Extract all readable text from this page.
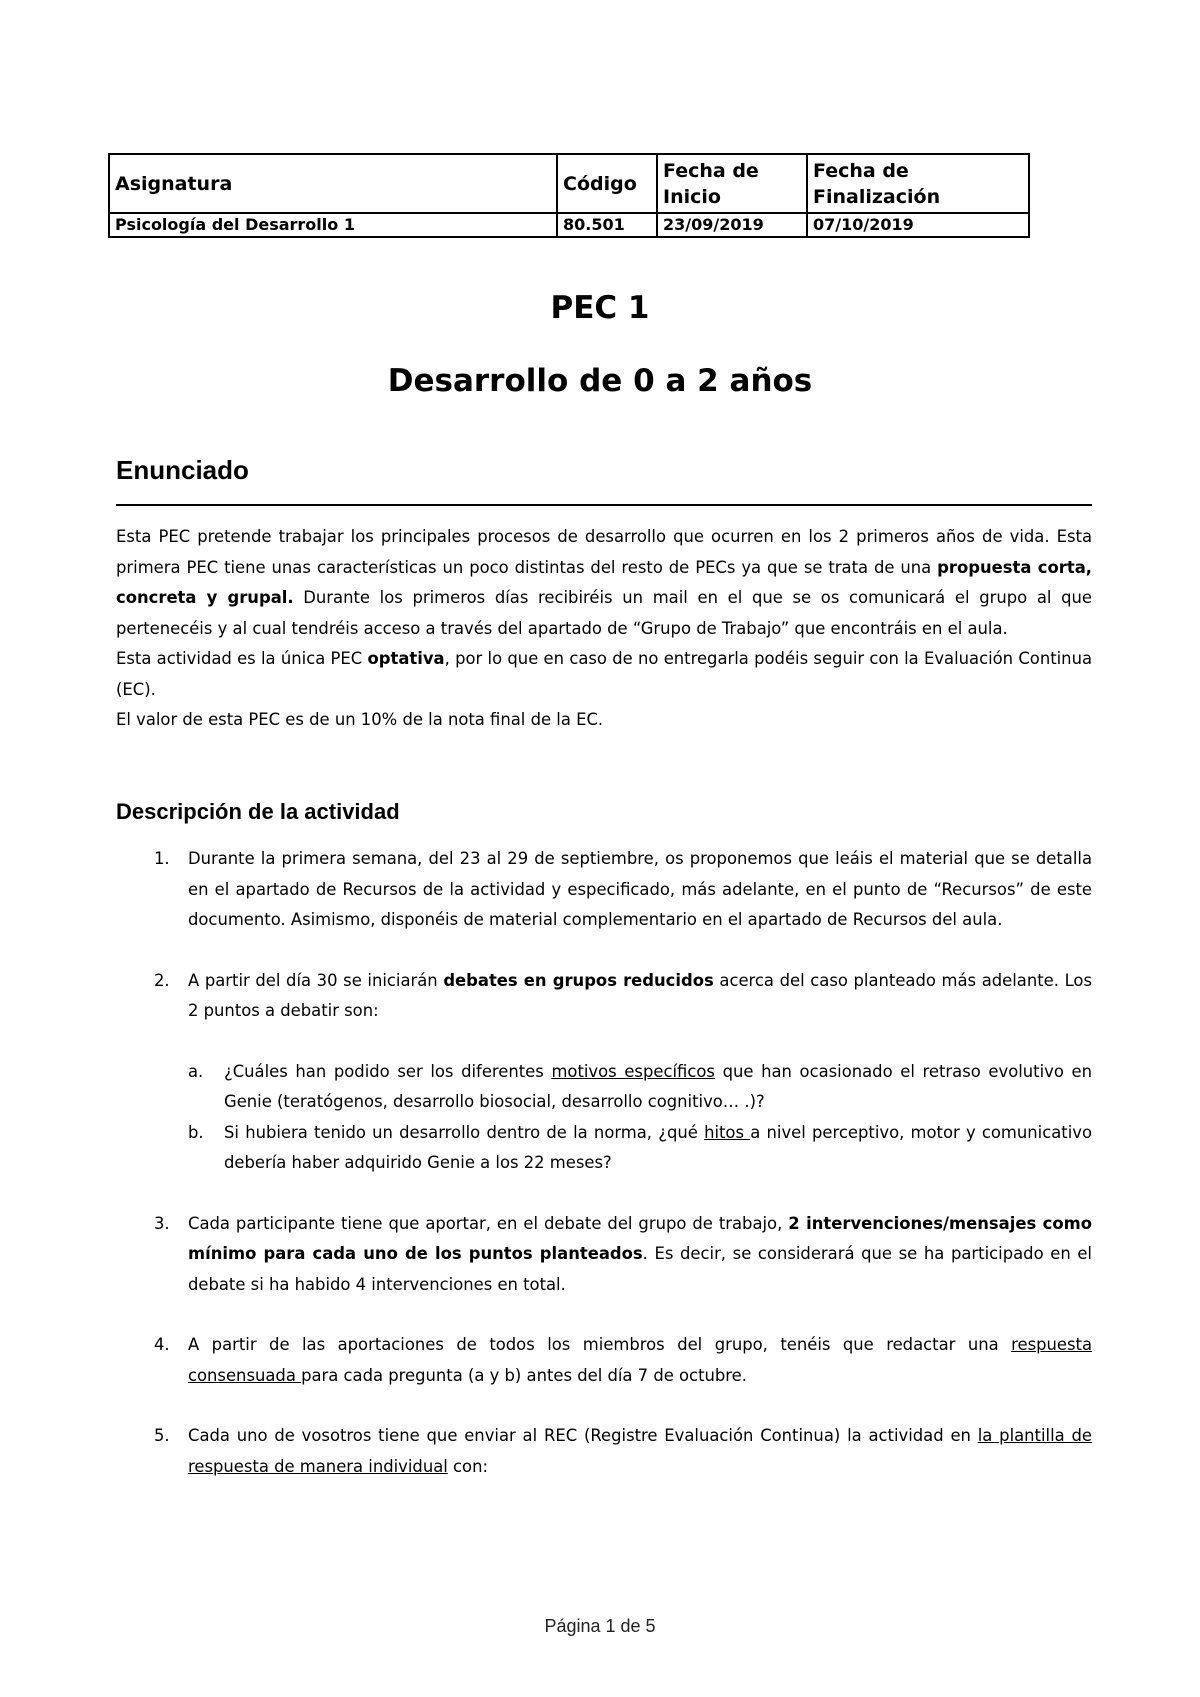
Asignatura	Código	Fecha de Inicio	Fecha de Finalización
Psicología del Desarrollo 1	80.501	23/09/2019	07/10/2019
PEC 1
Desarrollo de 0 a 2 años
Enunciado

Esta PEC pretende trabajar los principales procesos de desarrollo que ocurren en los 2 primeros años de vida. Esta primera PEC tiene unas características un poco distintas del resto de PECs ya que se trata de una propuesta corta, concreta y grupal. Durante los primeros días recibiréis un mail en el que se os comunicará el grupo al que pertenecéis y al cual tendréis acceso a través del apartado de “Grupo de Trabajo” que encontráis en el aula.

Esta actividad es la única PEC optativa, por lo que en caso de no entregarla podéis seguir con la Evaluación Continua (EC).

El valor de esta PEC es de un 10% de la nota final de la EC.

Descripción de la actividad
1. Durante la primera semana, del 23 al 29 de septiembre, os proponemos que leáis el material que se detalla en el apartado de Recursos de la actividad y especificado, más adelante, en el punto de “Recursos” de este documento. Asimismo, disponéis de material complementario en el apartado de Recursos del aula.
2. A partir del día 30 se iniciarán debates en grupos reducidos acerca del caso planteado más adelante. Los 2 puntos a debatir son:
a. ¿Cuáles han podido ser los diferentes motivos específicos que han ocasionado el retraso evolutivo en Genie (teratógenos, desarrollo biosocial, desarrollo cognitivo… .)?
b. Si hubiera tenido un desarrollo dentro de la norma, ¿qué hitos a nivel perceptivo, motor y comunicativo debería haber adquirido Genie a los 22 meses?
3. Cada participante tiene que aportar, en el debate del grupo de trabajo, 2 intervenciones/mensajes como mínimo para cada uno de los puntos planteados. Es decir, se considerará que se ha participado en el debate si ha habido 4 intervenciones en total.
4. A partir de las aportaciones de todos los miembros del grupo, tenéis que redactar una respuesta consensuada para cada pregunta (a y b) antes del día 7 de octubre.
5. Cada uno de vosotros tiene que enviar al REC (Registre Evaluación Continua) la actividad en la plantilla de respuesta de manera individual con:
Página 1 de 5
